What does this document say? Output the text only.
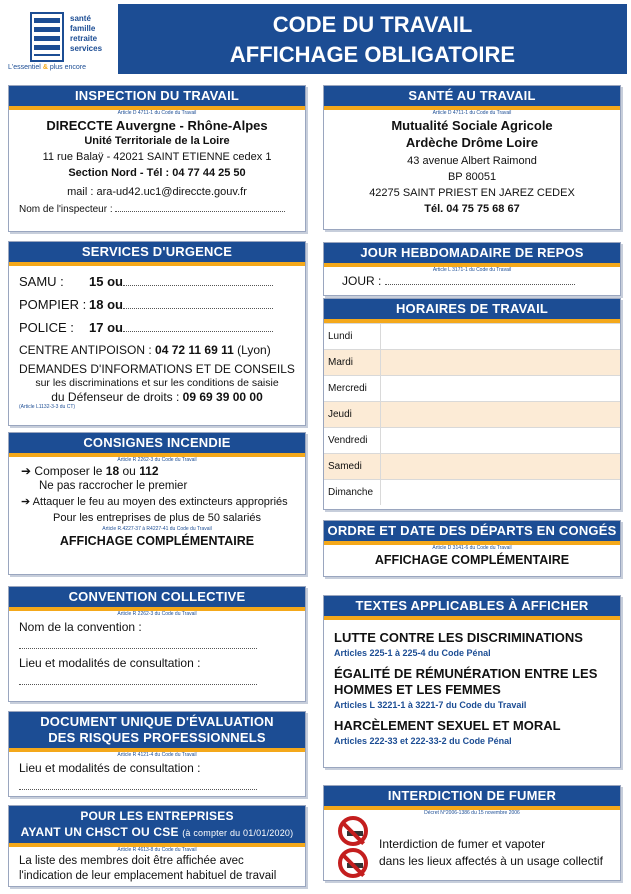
santé
famille
retraite
services
L'essentiel & plus encore
CODE DU TRAVAIL
AFFICHAGE OBLIGATOIRE
INSPECTION DU TRAVAIL
Article D 4711-1 du Code du Travail
DIRECCTE Auvergne - Rhône-Alpes
Unité Territoriale de la Loire
11 rue Balaÿ - 42021 SAINT ETIENNE cedex 1
Section Nord - Tél : 04 77 44 25 50
mail : ara-ud42.uc1@direccte.gouv.fr
Nom de l'inspecteur :
SANTÉ AU TRAVAIL
Article D 4711-1 du Code du Travail
Mutualité Sociale Agricole
Ardèche Drôme Loire
43 avenue Albert Raimond
BP 80051
42275 SAINT PRIEST EN JAREZ CEDEX
Tél. 04 75 75 68 67
SERVICES D'URGENCE
SAMU : 15 ou
POMPIER : 18 ou
POLICE : 17 ou
CENTRE ANTIPOISON : 04 72 11 69 11 (Lyon)
DEMANDES D'INFORMATIONS ET DE CONSEILS
sur les discriminations et sur les conditions de saisie
du Défenseur de droits : 09 69 39 00 00
(Article L1132-3-3 du CT)
JOUR HEBDOMADAIRE DE REPOS
Article L 3171-1 du Code du Travail
JOUR :
HORAIRES DE TRAVAIL
Lundi	
Mardi	
Mercredi	
Jeudi	
Vendredi	
Samedi	
Dimanche	
CONSIGNES INCENDIE
Article R 2262-3 du Code du Travail
➔ Composer le 18 ou 112
Ne pas raccrocher le premier
➔ Attaquer le feu au moyen des extincteurs appropriés
Pour les entreprises de plus de 50 salariés
Article R.4227-37 à R4227-41 du Code du Travail
AFFICHAGE COMPLÉMENTAIRE
ORDRE ET DATE DES DÉPARTS EN CONGÉS
Article D 3141-6 du Code du Travail
AFFICHAGE COMPLÉMENTAIRE
CONVENTION COLLECTIVE
Article R 2262-3 du Code du Travail
Nom de la convention :
Lieu et modalités de consultation :
TEXTES APPLICABLES À AFFICHER
LUTTE CONTRE LES DISCRIMINATIONS
Articles 225-1 à 225-4 du Code Pénal
ÉGALITÉ DE RÉMUNÉRATION ENTRE LES HOMMES ET LES FEMMES
Articles L 3221-1 à 3221-7 du Code du Travail
HARCÈLEMENT SEXUEL ET MORAL
Articles 222-33 et 222-33-2 du Code Pénal
DOCUMENT UNIQUE D'ÉVALUATION
DES RISQUES PROFESSIONNELS
Article R 4121-4 du Code du Travail
Lieu et modalités de consultation :
INTERDICTION DE FUMER
Décret N°2006-1386 du 15 novembre 2006
Interdiction de fumer et vapoter
dans les lieux affectés à un usage collectif
POUR LES ENTREPRISES
AYANT UN CHSCT OU CSE (à compter du 01/01/2020)
Article R 4613-8 du Code du Travail
La liste des membres doit être affichée avec
l'indication de leur emplacement habituel de travail
